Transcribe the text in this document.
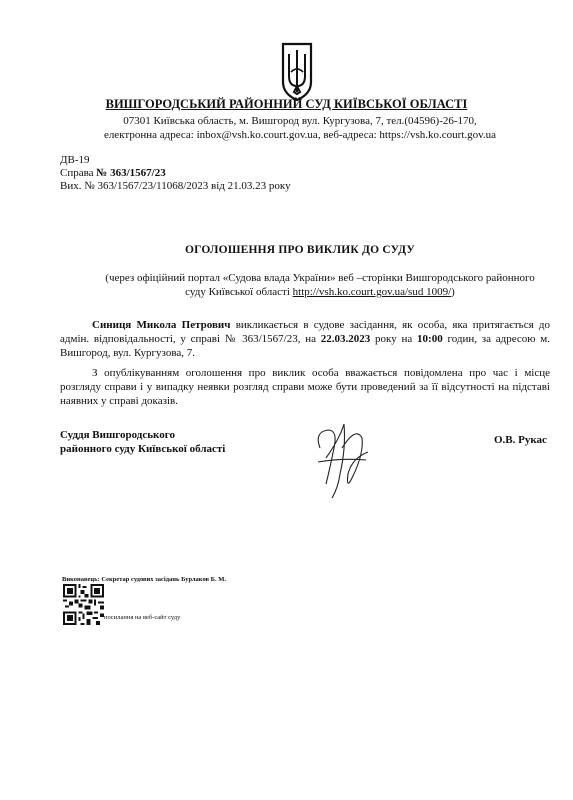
ВИШГОРОДСЬКИЙ РАЙОННИЙ СУД КИЇВСЬКОЇ ОБЛАСТІ
07301 Київська область, м. Вишгород вул. Кургузова, 7, тел.(04596)-26-170,
електронна адреса: inbox@vsh.ko.court.gov.ua, веб-адреса: https://vsh.ko.court.gov.ua
ДВ-19
Справа № 363/1567/23
Вих. № 363/1567/23/11068/2023 від 21.03.23 року
ОГОЛОШЕННЯ ПРО ВИКЛИК ДО СУДУ
(через офіційний портал «Судова влада України» веб –сторінки Вишгородського районного
суду Київської області http://vsh.ko.court.gov.ua/sud 1009/)
Синиця Микола Петрович викликається в судове засідання, як особа, яка притягається до адмін. відповідальності, у справі № 363/1567/23, на 22.03.2023 року на 10:00 годин, за адресою м. Вишгород, вул. Кургузова, 7.
З опублікуванням оголошення про виклик особа вважається повідомлена про час і місце розгляду справи і у випадку неявки розгляд справи може бути проведений за її відсутності на підставі наявних у справі доказів.
Суддя Вишгородського
районного суду Київської області
О.В. Рукас
Виконавець: Секретар судових засідань Бурлаков Б. М.
посилання на веб-сайт суду
